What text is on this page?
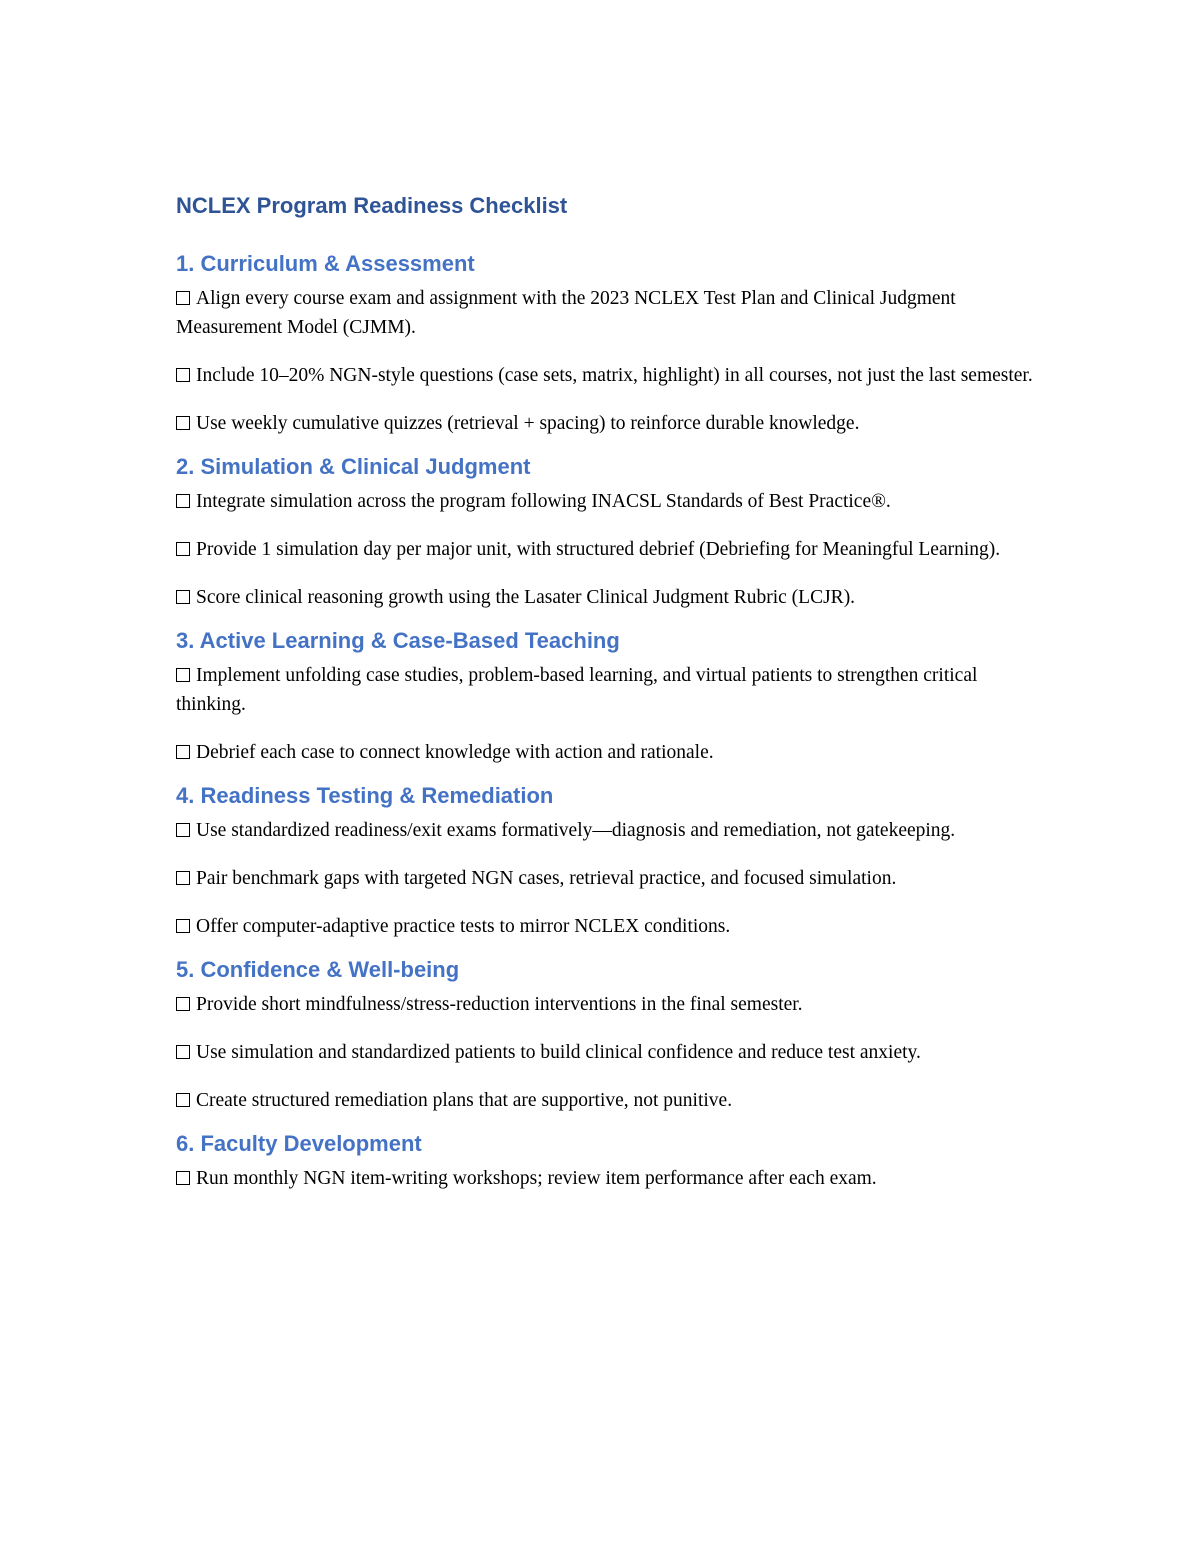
NCLEX Program Readiness Checklist
1. Curriculum & Assessment

Align every course exam and assignment with the 2023 NCLEX Test Plan and Clinical Judgment Measurement Model (CJMM).

Include 10–20% NGN-style questions (case sets, matrix, highlight) in all courses, not just the last semester.

Use weekly cumulative quizzes (retrieval + spacing) to reinforce durable knowledge.

2. Simulation & Clinical Judgment

Integrate simulation across the program following INACSL Standards of Best Practice®.

Provide 1 simulation day per major unit, with structured debrief (Debriefing for Meaningful Learning).

Score clinical reasoning growth using the Lasater Clinical Judgment Rubric (LCJR).

3. Active Learning & Case-Based Teaching

Implement unfolding case studies, problem-based learning, and virtual patients to strengthen critical thinking.

Debrief each case to connect knowledge with action and rationale.

4. Readiness Testing & Remediation

Use standardized readiness/exit exams formatively—diagnosis and remediation, not gatekeeping.

Pair benchmark gaps with targeted NGN cases, retrieval practice, and focused simulation.

Offer computer-adaptive practice tests to mirror NCLEX conditions.

5. Confidence & Well-being

Provide short mindfulness/stress-reduction interventions in the final semester.

Use simulation and standardized patients to build clinical confidence and reduce test anxiety.

Create structured remediation plans that are supportive, not punitive.

6. Faculty Development

Run monthly NGN item-writing workshops; review item performance after each exam.
